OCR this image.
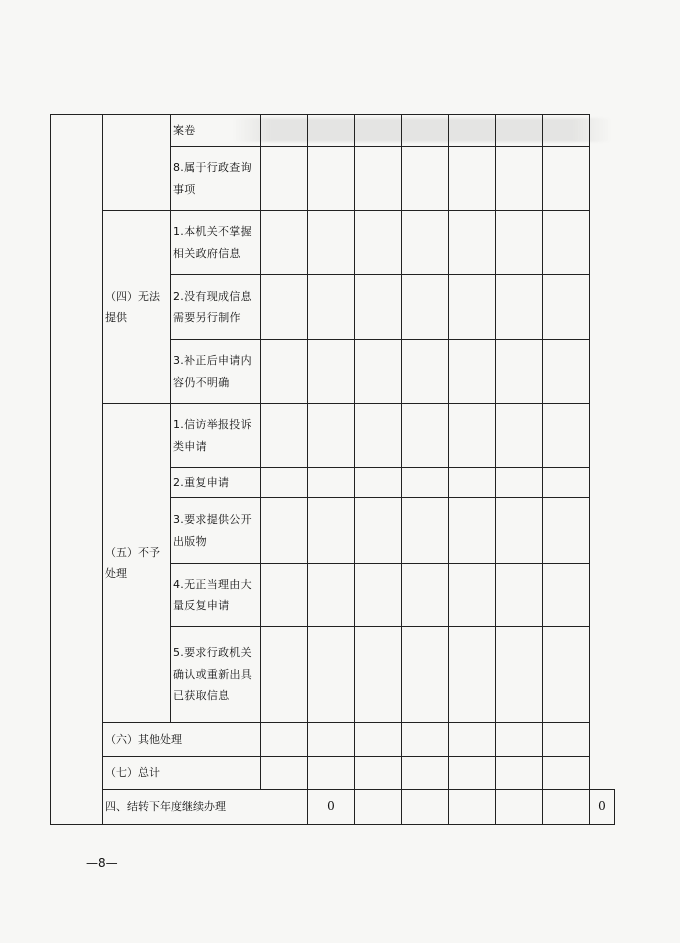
		案卷								
		8.属于行政查询事项								
	（四）无法提供	1.本机关不掌握相关政府信息								
		2.没有现成信息需要另行制作								
		3.补正后申请内容仍不明确								
	（五）不予处理	1.信访举报投诉类申请								
		2.重复申请								
		3.要求提供公开出版物								
		4.无正当理由大量反复申请								
		5.要求行政机关确认或重新出具已获取信息								
	（六）其他处理									
	（七）总计									
	四、结转下年度继续办理			0						0
—8—
